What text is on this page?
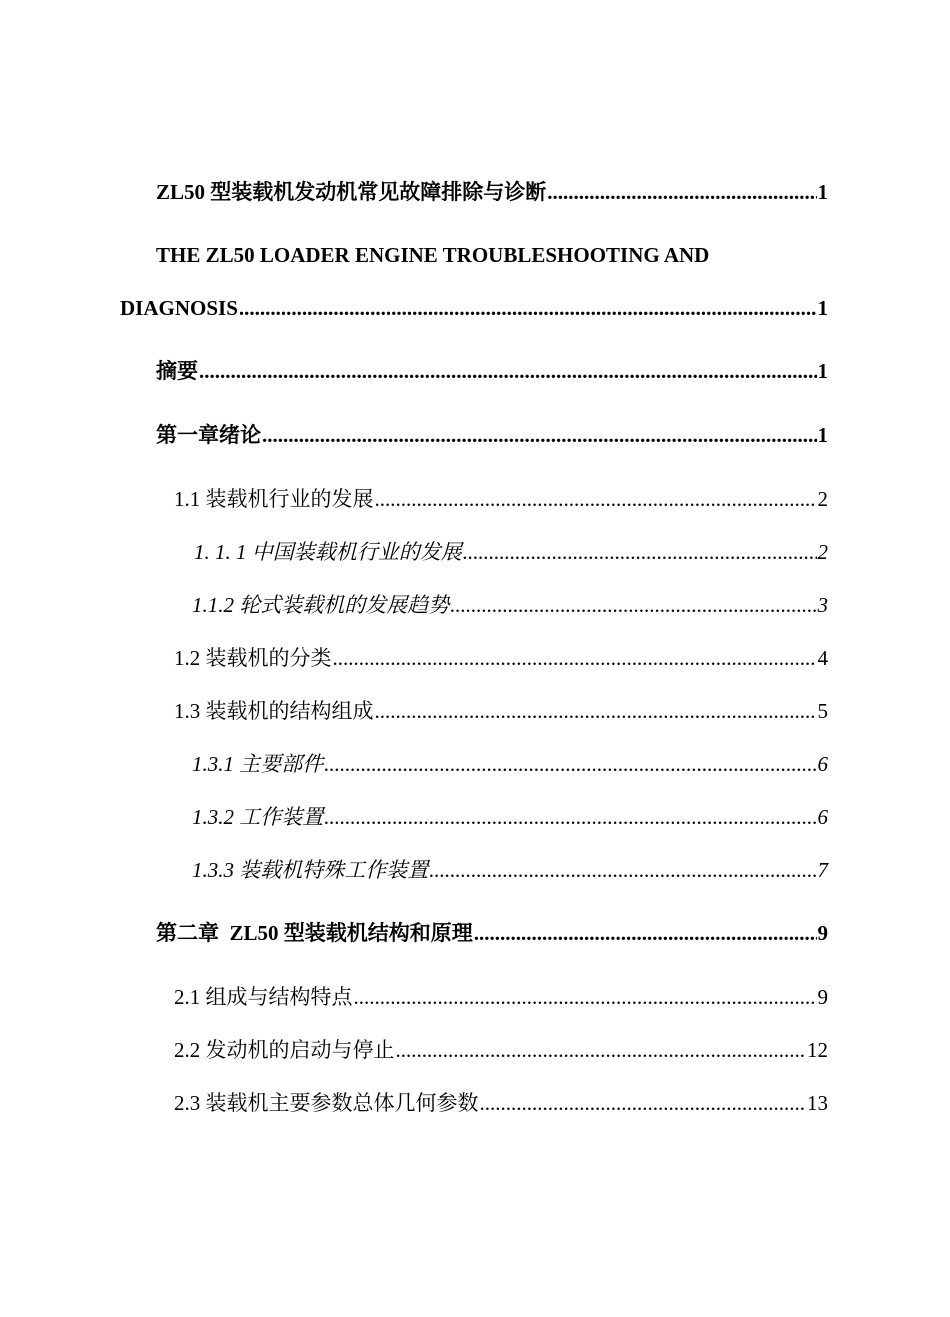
ZL50 型装载机发动机常见故障排除与诊断 .....	1
THE ZL50 LOADER ENGINE TROUBLESHOOTING AND
DIAGNOSIS .....	1
摘要 .....	1
第一章绪论 .....	1
1.1 装载机行业的发展 .....	2
1. 1. 1 中国装载机行业的发展 .....	2
1.1.2 轮式装载机的发展趋势 .....	3
1.2 装载机的分类 .....	4
1.3 装载机的结构组成 .....	5
1.3.1 主要部件 .....	6
1.3.2 工作装置 .....	6
1.3.3 装载机特殊工作装置 .....	7
第二章  ZL50 型装载机结构和原理 .....	9
2.1 组成与结构特点 .....	9
2.2 发动机的启动与停止 .....	12
2.3 装载机主要参数总体几何参数 .....	13
